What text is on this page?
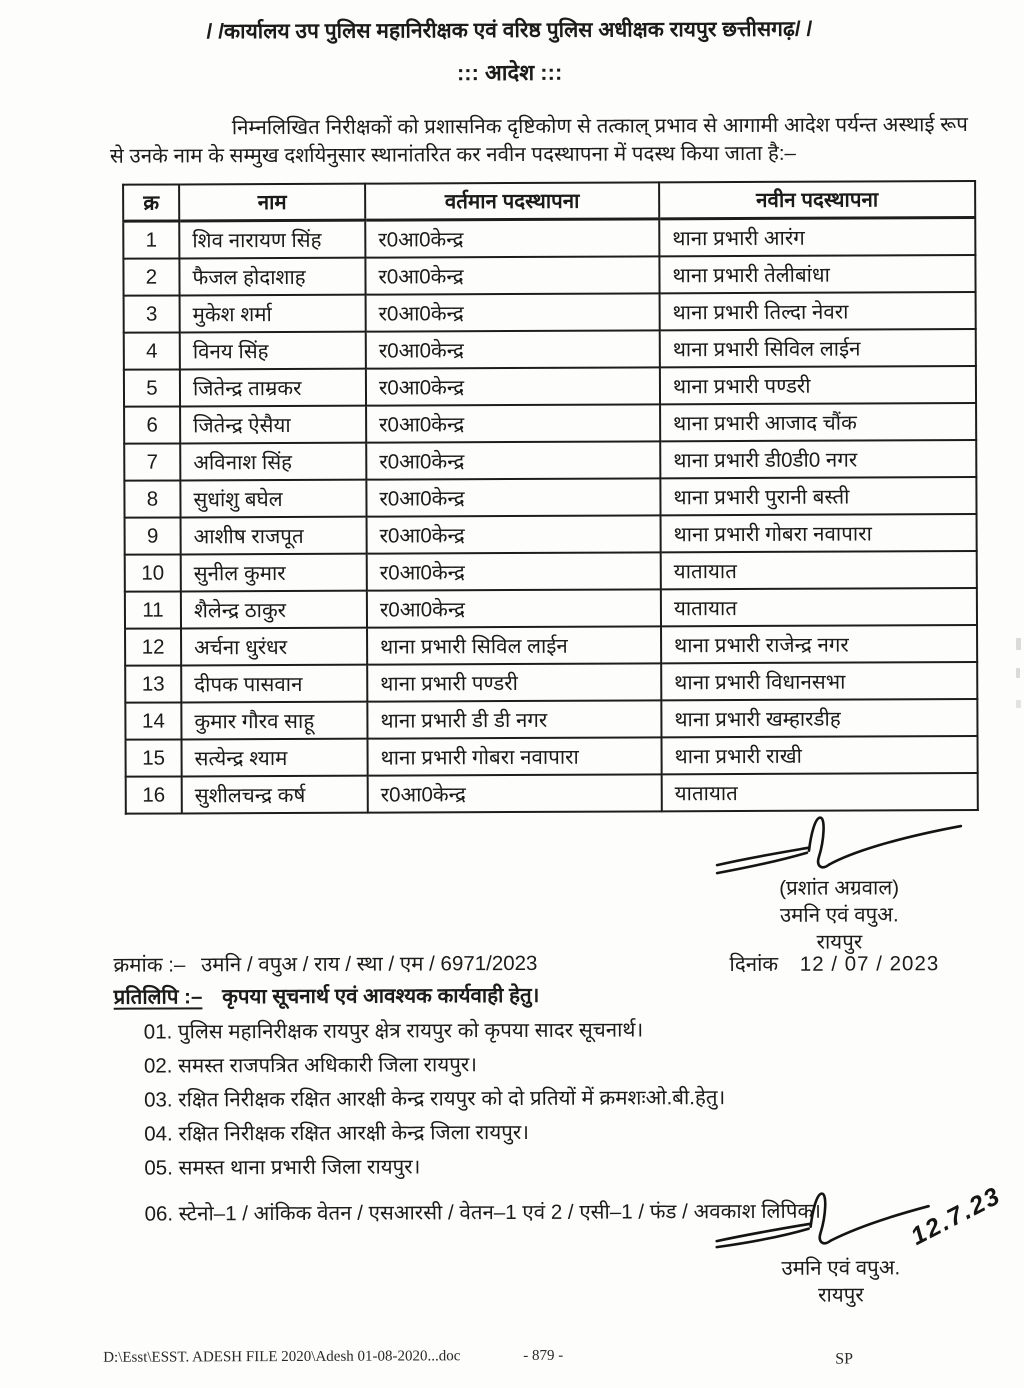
/ /कार्यालय उप पुलिस महानिरीक्षक एवं वरिष्ठ पुलिस अधीक्षक रायपुर छत्तीसगढ़/ /
::: आदेश :::

निम्नलिखित निरीक्षकों को प्रशासनिक दृष्टिकोण से तत्काल् प्रभाव से आगामी आदेश पर्यन्त अस्थाई रूप से उनके नाम के सम्मुख दर्शायेनुसार स्थानांतरित कर नवीन पदस्थापना में पदस्थ किया जाता है:–

क्र	नाम	वर्तमान पदस्थापना	नवीन पदस्थापना
1	शिव नारायण सिंह	र0आ0केन्द्र	थाना प्रभारी आरंग
2	फैजल होदाशाह	र0आ0केन्द्र	थाना प्रभारी तेलीबांधा
3	मुकेश शर्मा	र0आ0केन्द्र	थाना प्रभारी तिल्दा नेवरा
4	विनय सिंह	र0आ0केन्द्र	थाना प्रभारी सिविल लाईन
5	जितेन्द्र ताम्रकर	र0आ0केन्द्र	थाना प्रभारी पण्डरी
6	जितेन्द्र ऐसैया	र0आ0केन्द्र	थाना प्रभारी आजाद चौंक
7	अविनाश सिंह	र0आ0केन्द्र	थाना प्रभारी डी0डी0 नगर
8	सुधांशु बघेल	र0आ0केन्द्र	थाना प्रभारी पुरानी बस्ती
9	आशीष राजपूत	र0आ0केन्द्र	थाना प्रभारी गोबरा नवापारा
10	सुनील कुमार	र0आ0केन्द्र	यातायात
11	शैलेन्द्र ठाकुर	र0आ0केन्द्र	यातायात
12	अर्चना धुरंधर	थाना प्रभारी सिविल लाईन	थाना प्रभारी राजेन्द्र नगर
13	दीपक पासवान	थाना प्रभारी पण्डरी	थाना प्रभारी विधानसभा
14	कुमार गौरव साहू	थाना प्रभारी डी डी नगर	थाना प्रभारी खम्हारडीह
15	सत्येन्द्र श्याम	थाना प्रभारी गोबरा नवापारा	थाना प्रभारी राखी
16	सुशीलचन्द्र कर्ष	र0आ0केन्द्र	यातायात
(प्रशांत अग्रवाल)
उमनि एवं वपुअ.
रायपुर
क्रमांक :– उमनि / वपुअ / राय / स्था / एम / 6971/2023	दिनांक 12 / 07 / 2023
प्रतिलिपि :– कृपया सूचनार्थ एवं आवश्यक कार्यवाही हेतु।
01. पुलिस महानिरीक्षक रायपुर क्षेत्र रायपुर को कृपया सादर सूचनार्थ।
02. समस्त राजपत्रित अधिकारी जिला रायपुर।
03. रक्षित निरीक्षक रक्षित आरक्षी केन्द्र रायपुर को दो प्रतियों में क्रमशःओ.बी.हेतु।
04. रक्षित निरीक्षक रक्षित आरक्षी केन्द्र जिला रायपुर।
05. समस्त थाना प्रभारी जिला रायपुर।
06. स्टेनो–1 / आंकिक वेतन / एसआरसी / वेतन–1 एवं 2 / एसी–1 / फंड / अवकाश लिपिक।	12.7.23
उमनि एवं वपुअ.
रायपुर
D:\Esst\ESST. ADESH FILE 2020\Adesh 01-08-2020...doc	- 879 -	SP
